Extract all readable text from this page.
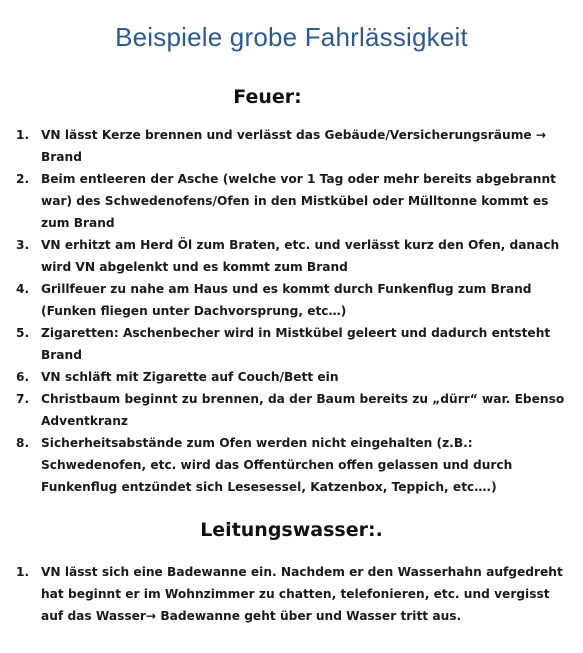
Beispiele grobe Fahrlässigkeit
Feuer:
1. VN lässt Kerze brennen und verlässt das Gebäude/Versicherungsräume → Brand
2. Beim entleeren der Asche (welche vor 1 Tag oder mehr bereits abgebrannt war) des Schwedenofens/Ofen in den Mistkübel oder Mülltonne kommt es zum Brand
3. VN erhitzt am Herd Öl zum Braten, etc. und verlässt kurz den Ofen, danach wird VN abgelenkt und es kommt zum Brand
4. Grillfeuer zu nahe am Haus und es kommt durch Funkenflug zum Brand (Funken fliegen unter Dachvorsprung, etc…)
5. Zigaretten: Aschenbecher wird in Mistkübel geleert und dadurch entsteht Brand
6. VN schläft mit Zigarette auf Couch/Bett ein
7. Christbaum beginnt zu brennen, da der Baum bereits zu „dürr“ war. Ebenso Adventkranz
8. Sicherheitsabstände zum Ofen werden nicht eingehalten (z.B.: Schwedenofen, etc. wird das Offentürchen offen gelassen und durch Funkenflug entzündet sich Lesesessel, Katzenbox, Teppich, etc….)
Leitungswasser:.
1. VN lässt sich eine Badewanne ein. Nachdem er den Wasserhahn aufgedreht hat beginnt er im Wohnzimmer zu chatten, telefonieren, etc. und vergisst auf das Wasser→ Badewanne geht über und Wasser tritt aus.
